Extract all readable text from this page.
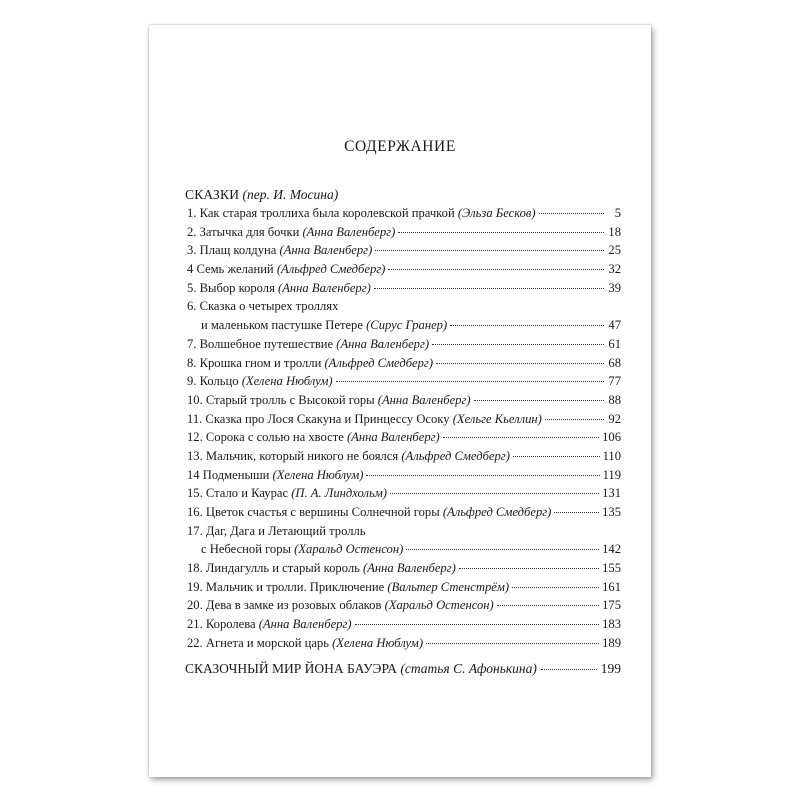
СОДЕРЖАНИЕ
СКАЗКИ (пер. И. Мосина)
1. Как старая троллиха была королевской прачкой (Эльза Бесков)	5
2. Затычка для бочки (Анна Валенберг)	18
3. Плащ колдуна (Анна Валенберг)	25
4 Семь желаний (Альфред Смедберг)	32
5. Выбор короля (Анна Валенберг)	39
6. Сказка о четырех троллях
и маленьком пастушке Петере (Сирус Гранер)	47
7. Волшебное путешествие (Анна Валенберг)	61
8. Крошка гном и тролли (Альфред Смедберг)	68
9. Кольцо (Хелена Нюблум)	77
10. Старый тролль с Высокой горы (Анна Валенберг)	88
11. Сказка про Лося Скакуна и Принцессу Осоку (Хельге Кьеллин)	92
12. Сорока с солью на хвосте (Анна Валенберг)	106
13. Мальчик, который никого не боялся (Альфред Смедберг)	110
14 Подменыши (Хелена Нюблум)	119
15. Стало и Каурас (П. А. Линдхольм)	131
16. Цветок счастья с вершины Солнечной горы (Альфред Смедберг)	135
17. Даг, Дага и Летающий тролль
с Небесной горы (Харальд Остенсон)	142
18. Линдагулль и старый король (Анна Валенберг)	155
19. Мальчик и тролли. Приключение (Вальтер Стенстрём)	161
20. Дева в замке из розовых облаков (Харальд Остенсон)	175
21. Королева (Анна Валенберг)	183
22. Агнета и морской царь (Хелена Нюблум)	189
СКАЗОЧНЫЙ МИР ЙОНА БАУЭРА (статья С. Афонькина)	199
